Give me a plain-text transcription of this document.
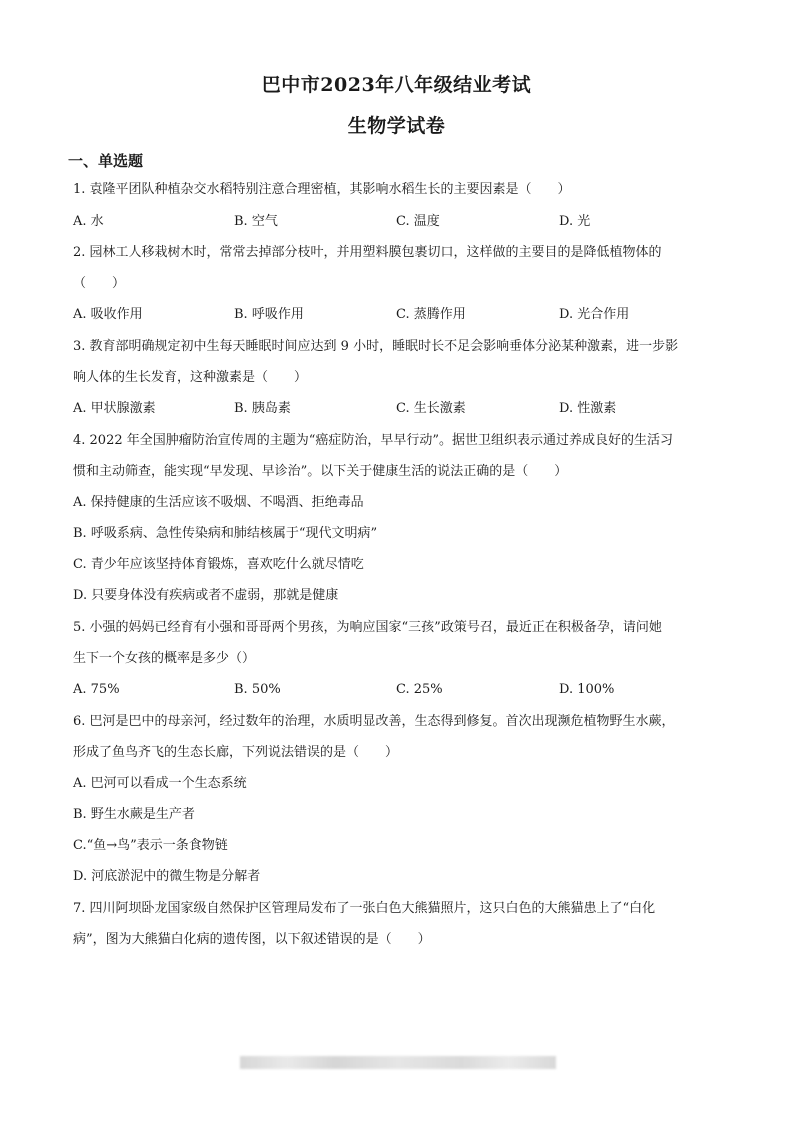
巴中市2023年八年级结业考试
生物学试卷
一、单选题
1. 袁隆平团队种植杂交水稻特别注意合理密植，其影响水稻生长的主要因素是（　　）
A. 水	B. 空气	C. 温度	D. 光
2. 园林工人移栽树木时，常常去掉部分枝叶，并用塑料膜包裹切口，这样做的主要目的是降低植物体的
（　　）
A. 吸收作用	B. 呼吸作用	C. 蒸腾作用	D. 光合作用
3. 教育部明确规定初中生每天睡眠时间应达到 9 小时，睡眠时长不足会影响垂体分泌某种激素，进一步影
响人体的生长发育，这种激素是（　　）
A. 甲状腺激素	B. 胰岛素	C. 生长激素	D. 性激素
4. 2022 年全国肿瘤防治宣传周的主题为“癌症防治，早早行动”。据世卫组织表示通过养成良好的生活习
惯和主动筛查，能实现“早发现、早诊治”。以下关于健康生活的说法正确的是（　　）
A. 保持健康的生活应该不吸烟、不喝酒、拒绝毒品
B. 呼吸系病、急性传染病和肺结核属于“现代文明病”
C. 青少年应该坚持体育锻炼，喜欢吃什么就尽情吃
D. 只要身体没有疾病或者不虚弱，那就是健康
5. 小强的妈妈已经育有小强和哥哥两个男孩，为响应国家“三孩”政策号召，最近正在积极备孕，请问她
生下一个女孩的概率是多少（）
A. 75%	B. 50%	C. 25%	D. 100%
6. 巴河是巴中的母亲河，经过数年的治理，水质明显改善，生态得到修复。首次出现濒危植物野生水蕨，
形成了鱼鸟齐飞的生态长廊，下列说法错误的是（　　）
A. 巴河可以看成一个生态系统
B. 野生水蕨是生产者
C.“鱼→鸟”表示一条食物链
D. 河底淤泥中的微生物是分解者
7. 四川阿坝卧龙国家级自然保护区管理局发布了一张白色大熊猫照片，这只白色的大熊猫患上了“白化
病”，图为大熊猫白化病的遗传图，以下叙述错误的是（　　）
